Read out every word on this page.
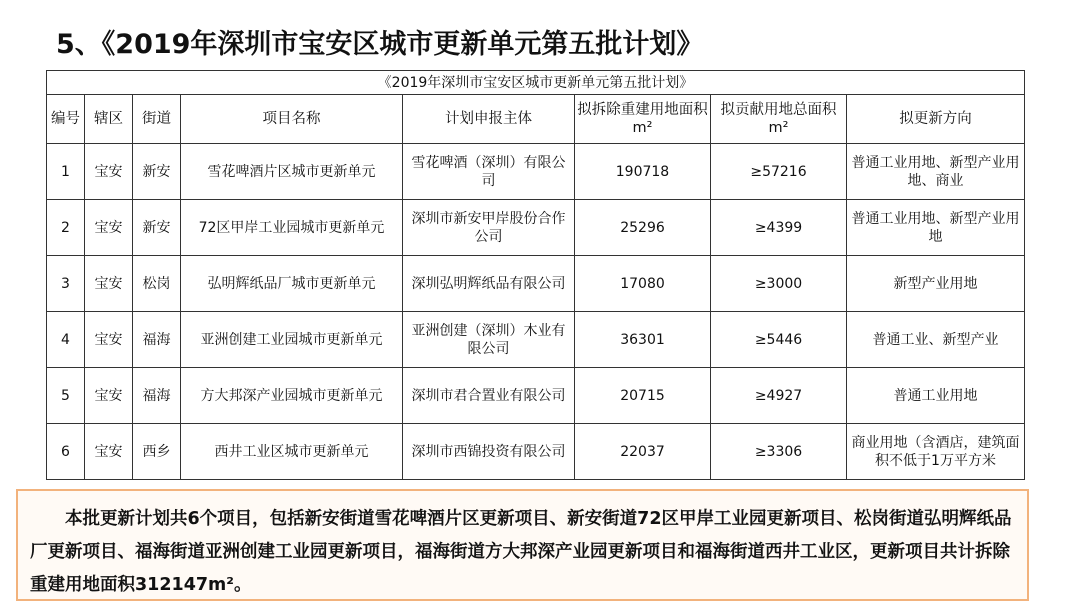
5、《2019年深圳市宝安区城市更新单元第五批计划》
《2019年深圳市宝安区城市更新单元第五批计划》							
编号	辖区	街道	项目名称	计划申报主体	拟拆除重建用地面积 m²	拟贡献用地总面积 m²	拟更新方向
1	宝安	新安	雪花啤酒片区城市更新单元	雪花啤酒（深圳）有限公司	190718	≥57216	普通工业用地、新型产业用地、商业
2	宝安	新安	72区甲岸工业园城市更新单元	深圳市新安甲岸股份合作公司	25296	≥4399	普通工业用地、新型产业用地
3	宝安	松岗	弘明辉纸品厂城市更新单元	深圳弘明辉纸品有限公司	17080	≥3000	新型产业用地
4	宝安	福海	亚洲创建工业园城市更新单元	亚洲创建（深圳）木业有限公司	36301	≥5446	普通工业、新型产业
5	宝安	福海	方大邦深产业园城市更新单元	深圳市君合置业有限公司	20715	≥4927	普通工业用地
6	宝安	西乡	西井工业区城市更新单元	深圳市西锦投资有限公司	22037	≥3306	商业用地（含酒店，建筑面积不低于1万平方米
本批更新计划共6个项目，包括新安街道雪花啤酒片区更新项目、新安街道72区甲岸工业园更新项目、松岗街道弘明辉纸品厂更新项目、福海街道亚洲创建工业园更新项目，福海街道方大邦深产业园更新项目和福海街道西井工业区，更新项目共计拆除重建用地面积312147m²。
